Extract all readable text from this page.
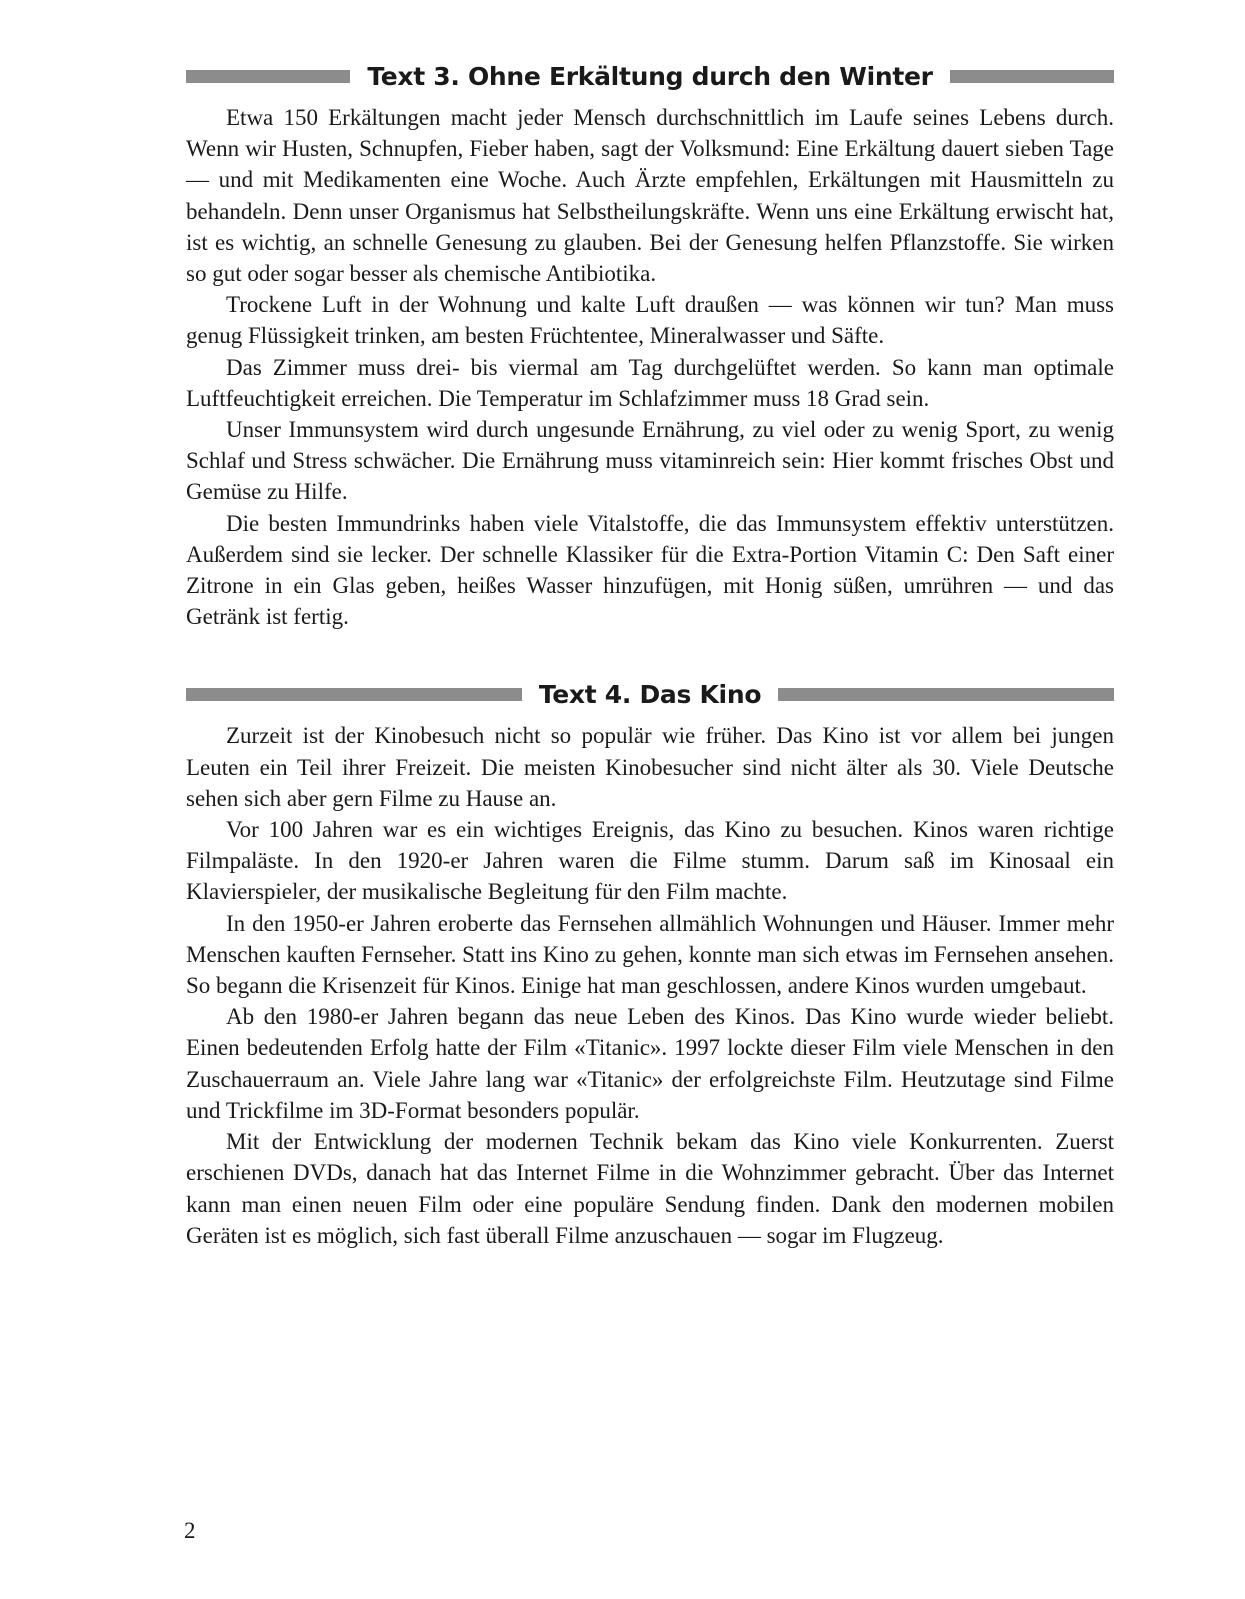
Text 3. Ohne Erkältung durch den Winter

Etwa 150 Erkältungen macht jeder Mensch durchschnittlich im Laufe seines Lebens durch. Wenn wir Husten, Schnupfen, Fieber haben, sagt der Volksmund: Eine Erkältung dauert sieben Tage — und mit Medikamenten eine Woche. Auch Ärzte empfehlen, Erkältungen mit Hausmitteln zu behandeln. Denn unser Organismus hat Selbstheilungskräfte. Wenn uns eine Erkältung erwischt hat, ist es wichtig, an schnelle Genesung zu glauben. Bei der Genesung helfen Pflanzstoffe. Sie wirken so gut oder sogar besser als chemische Antibiotika.

Trockene Luft in der Wohnung und kalte Luft draußen — was können wir tun? Man muss genug Flüssigkeit trinken, am besten Früchtentee, Mineralwasser und Säfte.

Das Zimmer muss drei- bis viermal am Tag durchgelüftet werden. So kann man optimale Luftfeuchtigkeit erreichen. Die Temperatur im Schlafzimmer muss 18 Grad sein.

Unser Immunsystem wird durch ungesunde Ernährung, zu viel oder zu wenig Sport, zu wenig Schlaf und Stress schwächer. Die Ernährung muss vitaminreich sein: Hier kommt frisches Obst und Gemüse zu Hilfe.

Die besten Immundrinks haben viele Vitalstoffe, die das Immunsystem effektiv unterstützen. Außerdem sind sie lecker. Der schnelle Klassiker für die Extra-Portion Vitamin C: Den Saft einer Zitrone in ein Glas geben, heißes Wasser hinzufügen, mit Honig süßen, umrühren — und das Getränk ist fertig.

Text 4. Das Kino

Zurzeit ist der Kinobesuch nicht so populär wie früher. Das Kino ist vor allem bei jungen Leuten ein Teil ihrer Freizeit. Die meisten Kinobesucher sind nicht älter als 30. Viele Deutsche sehen sich aber gern Filme zu Hause an.

Vor 100 Jahren war es ein wichtiges Ereignis, das Kino zu besuchen. Kinos waren richtige Filmpaläste. In den 1920-er Jahren waren die Filme stumm. Darum saß im Kinosaal ein Klavierspieler, der musikalische Begleitung für den Film machte.

In den 1950-er Jahren eroberte das Fernsehen allmählich Wohnungen und Häuser. Immer mehr Menschen kauften Fernseher. Statt ins Kino zu gehen, konnte man sich etwas im Fernsehen ansehen. So begann die Krisenzeit für Kinos. Einige hat man geschlossen, andere Kinos wurden umgebaut.

Ab den 1980-er Jahren begann das neue Leben des Kinos. Das Kino wurde wieder beliebt. Einen bedeutenden Erfolg hatte der Film «Titanic». 1997 lockte dieser Film viele Menschen in den Zuschauerraum an. Viele Jahre lang war «Titanic» der erfolgreichste Film. Heutzutage sind Filme und Trickfilme im 3D-Format besonders populär.

Mit der Entwicklung der modernen Technik bekam das Kino viele Konkurrenten. Zuerst erschienen DVDs, danach hat das Internet Filme in die Wohnzimmer gebracht. Über das Internet kann man einen neuen Film oder eine populäre Sendung finden. Dank den modernen mobilen Geräten ist es möglich, sich fast überall Filme anzuschauen — sogar im Flugzeug.

2
